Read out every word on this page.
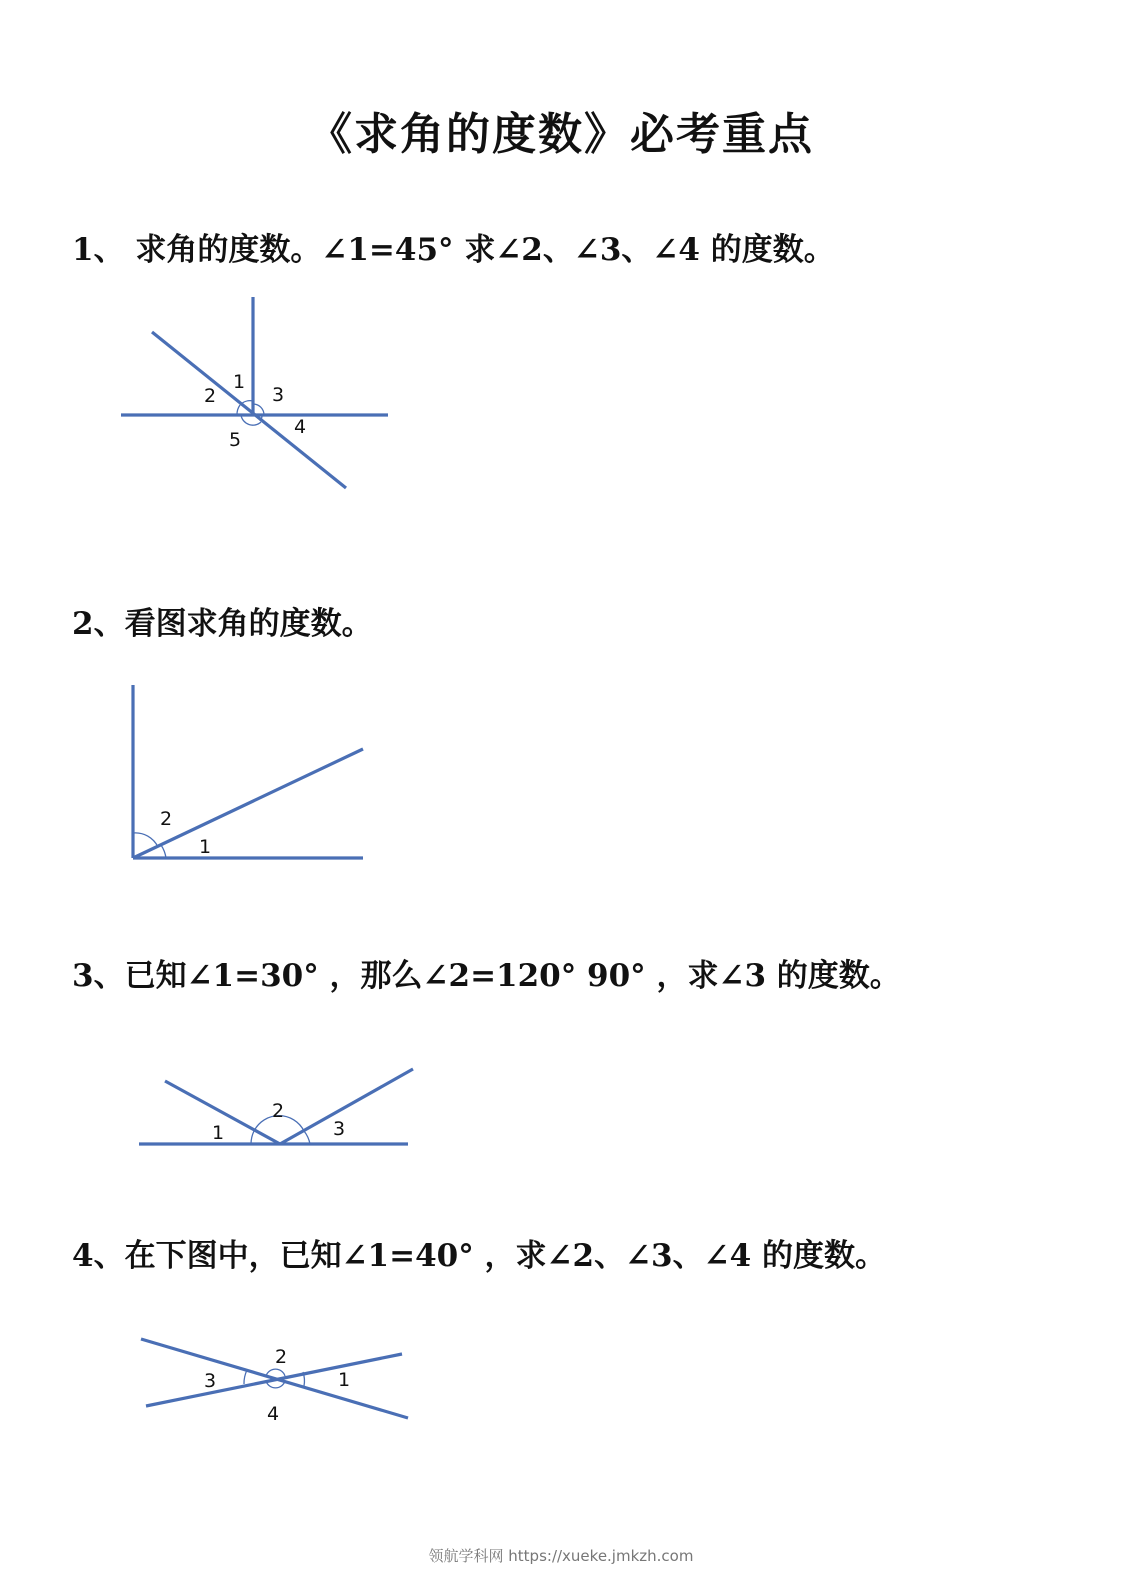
《求角的度数》必考重点
1、 求角的度数。∠1=45° 求∠2、∠3、∠4 的度数。
2、看图求角的度数。
3、已知∠1=30° ，那么∠2=120° 90° ，求∠3 的度数。
4、在下图中，已知∠1=40° ，求∠2、∠3、∠4 的度数。
1
2	3
4
5
2
1
2
1	3
2
3	1
4
领航学科网 https://xueke.jmkzh.com
